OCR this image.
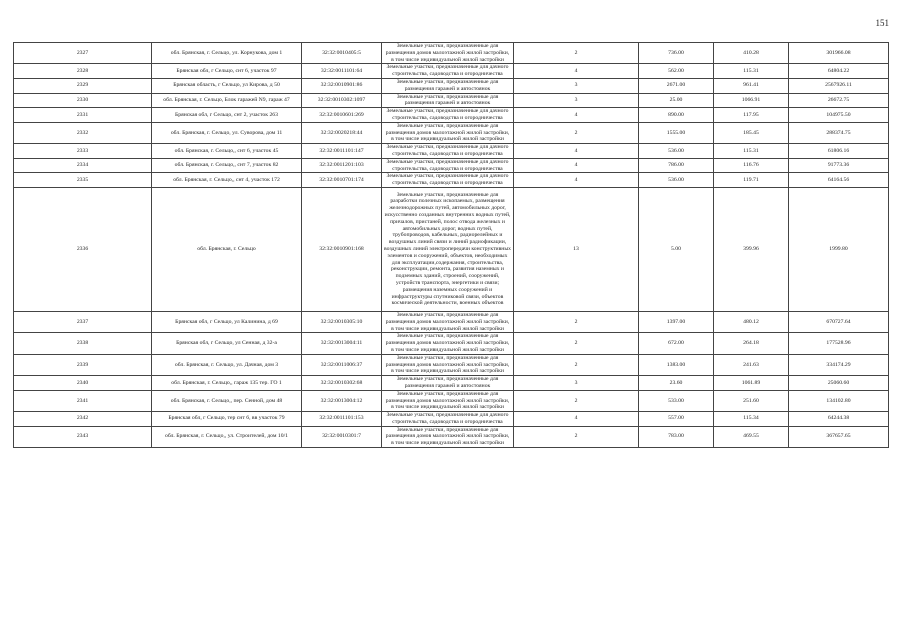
151
2327	обл. Брянская, г. Сельцо, ул. Корнукова, дом 1	32:32:0010405:5	Земельные участки, предназначенные для размещения домов малоэтажной жилой застройки, в том числе индивидуальной жилой застройки	2	736.00	410.28	301966.08
2328	Брянская обл, г Сельцо, снт 6, участок 97	32:32:0011101:64	Земельные участки, предназначенные для дачного строительства, садоводства и огородничества	4	562.00	115.31	64804.22
2329	Брянская область, г Сельцо, ул Кирова, д 50	32:32:0010901:86	Земельные участки, предназначенные для размещения гаражей и автостоянок	3	2671.00	961.41	2567926.11
2330	обл. Брянская, г. Сельцо, Блок гаражей N9, гараж 47	32:32:0010302:1097	Земельные участки, предназначенные для размещения гаражей и автостоянок	3	25.00	1066.91	26672.75
2331	Брянская обл, г Сельцо, снт 2, участок 263	32:32:0010601:269	Земельные участки, предназначенные для дачного строительства, садоводства и огородничества	4	890.00	117.95	104975.50
2332	обл. Брянская, г. Сельцо, ул. Суворова, дом 11	32:32:0020218:44	Земельные участки, предназначенные для размещения домов малоэтажной жилой застройки, в том числе индивидуальной жилой застройки	2	1555.00	185.45	288374.75
2333	обл. Брянская, г. Сельцо,, снт 6, участок 45	32:32:0011101:147	Земельные участки, предназначенные для дачного строительства, садоводства и огородничества	4	536.00	115.31	61806.16
2334	обл. Брянская, г. Сельцо,, снт 7, участок 82	32:32:0011201:103	Земельные участки, предназначенные для дачного строительства, садоводства и огородничества	4	786.00	116.76	91773.36
2335	обл. Брянская, г. Сельцо,, снт 4, участок 172	32:32:0010701:174	Земельные участки, предназначенные для дачного строительства, садоводства и огородничества	4	536.00	119.71	64164.56
2336	обл. Брянская, г. Сельцо	32:32:0010901:168	Земельные участки, предназначенные для разработки полезных ископаемых, размещения железнодорожных путей, автомобильных дорог, искусственно созданных внутренних водных путей, причалов, пристаней, полос отвода железных и автомобильных дорог, водных путей, трубопроводов, кабельных, радиорелейных и воздушных линий связи и линий радиофикации, воздушных линий электропередачи конструктивных элементов и сооружений, объектов, необходимых для эксплуатации,содержания, строительства, реконструкции, ремонта, развития наземных и подземных зданий, строений, сооружений, устройств транспорта, энергетики и связи; размещения наземных сооружений и инфраструктуры спутниковой связи, объектов космической деятельности, военных объектов	13	5.00	399.96	1999.80
2337	Брянская обл, г Сельцо, ул Калинина, д 69	32:32:0010305:10	Земельные участки, предназначенные для размещения домов малоэтажной жилой застройки, в том числе индивидуальной жилой застройки	2	1397.00	480.12	670727.64
2338	Брянская обл, г Сельцо, ул Сенная, д 32-а	32:32:0013004:11	Земельные участки, предназначенные для размещения домов малоэтажной жилой застройки, в том числе индивидуальной жилой застройки	2	672.00	264.18	177528.96
2339	обл. Брянская, г. Сельцо, ул. Дачная, дом 3	32:32:0011006:37	Земельные участки, предназначенные для размещения домов малоэтажной жилой застройки, в том числе индивидуальной жилой застройки	2	1383.00	241.63	334174.29
2340	обл. Брянская, г. Сельцо,, гараж 135 тер. ГО 1	32:32:0010302:68	Земельные участки, предназначенные для размещения гаражей и автостоянок	3	23.60	1061.89	25060.60
2341	обл. Брянская, г. Сельцо,, пер. Сенной, дом 48	32:32:0013004:12	Земельные участки, предназначенные для размещения домов малоэтажной жилой застройки, в том числе индивидуальной жилой застройки	2	533.00	251.60	134102.80
2342	Брянская обл, г Сельцо, тер снт 6, вв участок 79	32:32:0011101:153	Земельные участки, предназначенные для дачного строительства, садоводства и огородничества	4	557.00	115.34	64244.38
2343	обл. Брянская, г. Сельцо,, ул. Строителей, дом 10/1	32:32:0010301:7	Земельные участки, предназначенные для размещения домов малоэтажной жилой застройки, в том числе индивидуальной жилой застройки	2	783.00	469.55	367657.65
